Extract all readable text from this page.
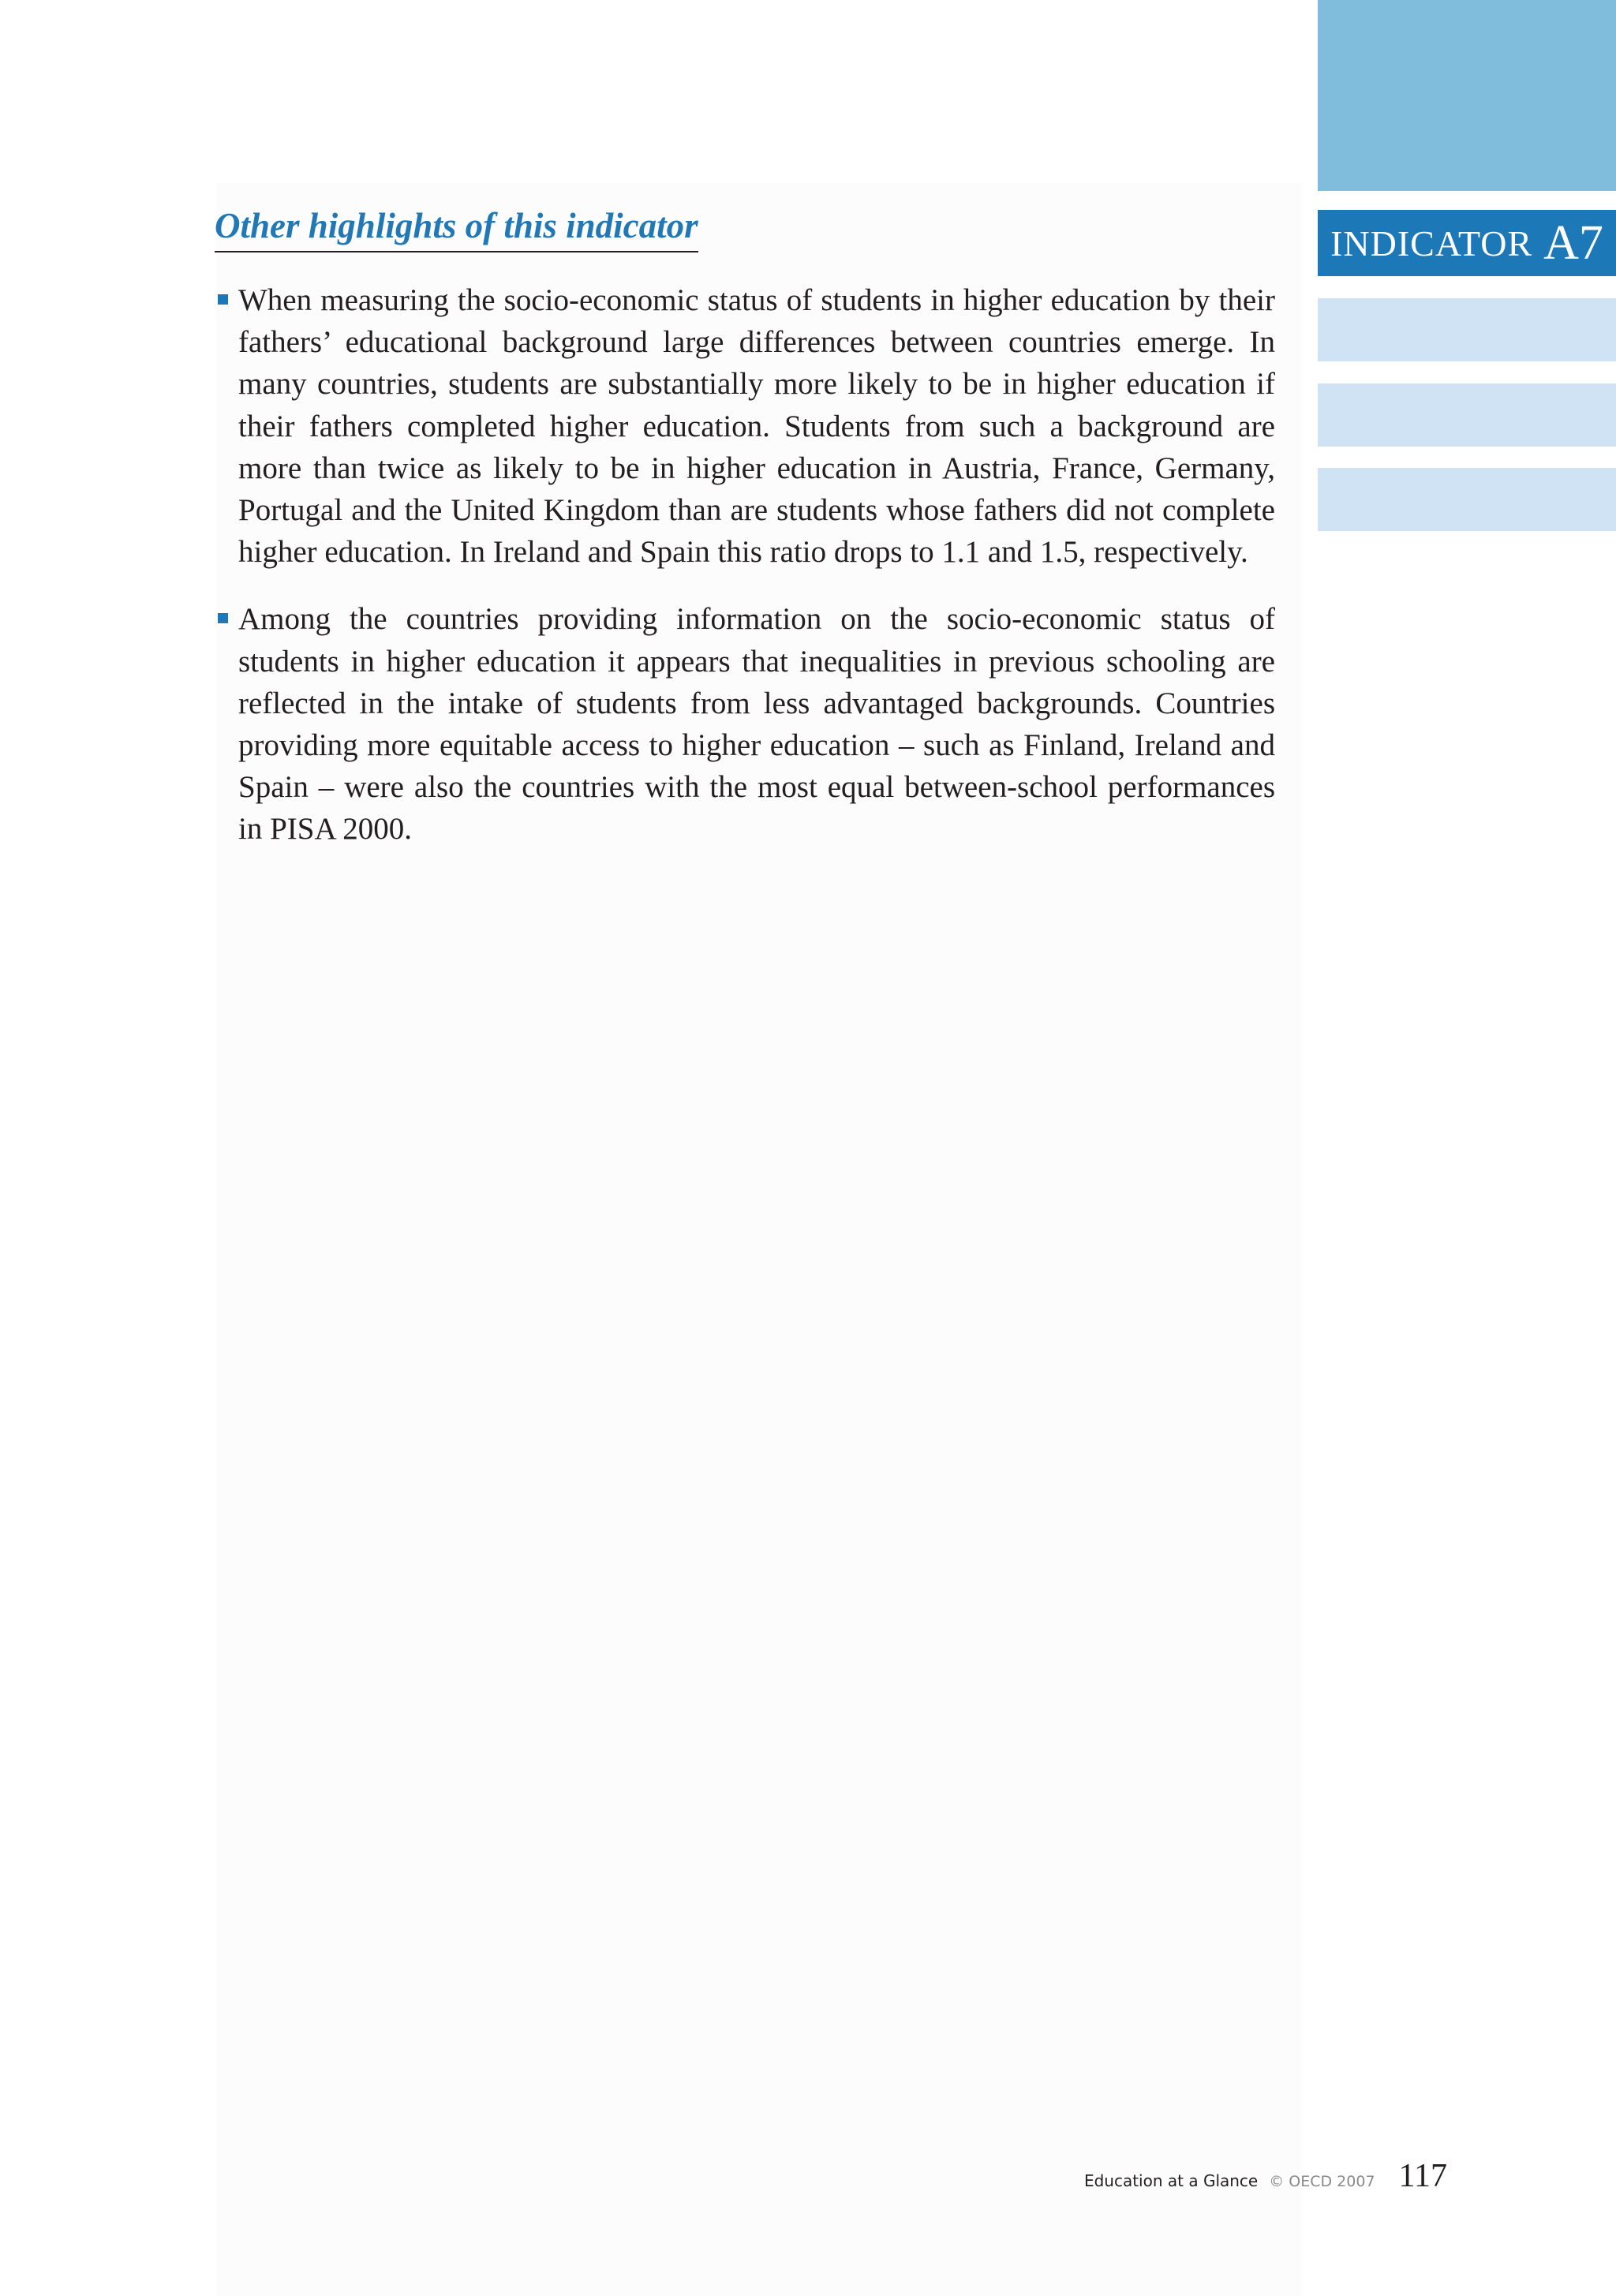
INDICATOR A7
Other highlights of this indicator
When measuring the socio-economic status of students in higher education by their fathers’ educational background large differences between countries emerge. In many countries, students are substantially more likely to be in higher education if their fathers completed higher education. Students from such a background are more than twice as likely to be in higher education in Austria, France, Germany, Portugal and the United Kingdom than are students whose fathers did not complete higher education. In Ireland and Spain this ratio drops to 1.1 and 1.5, respectively.
Among the countries providing information on the socio-economic status of students in higher education it appears that inequalities in previous schooling are reflected in the intake of students from less advantaged backgrounds. Countries providing more equitable access to higher education – such as Finland, Ireland and Spain – were also the countries with the most equal between-school performances in PISA 2000.
Education at a Glance © OECD 2007 117
